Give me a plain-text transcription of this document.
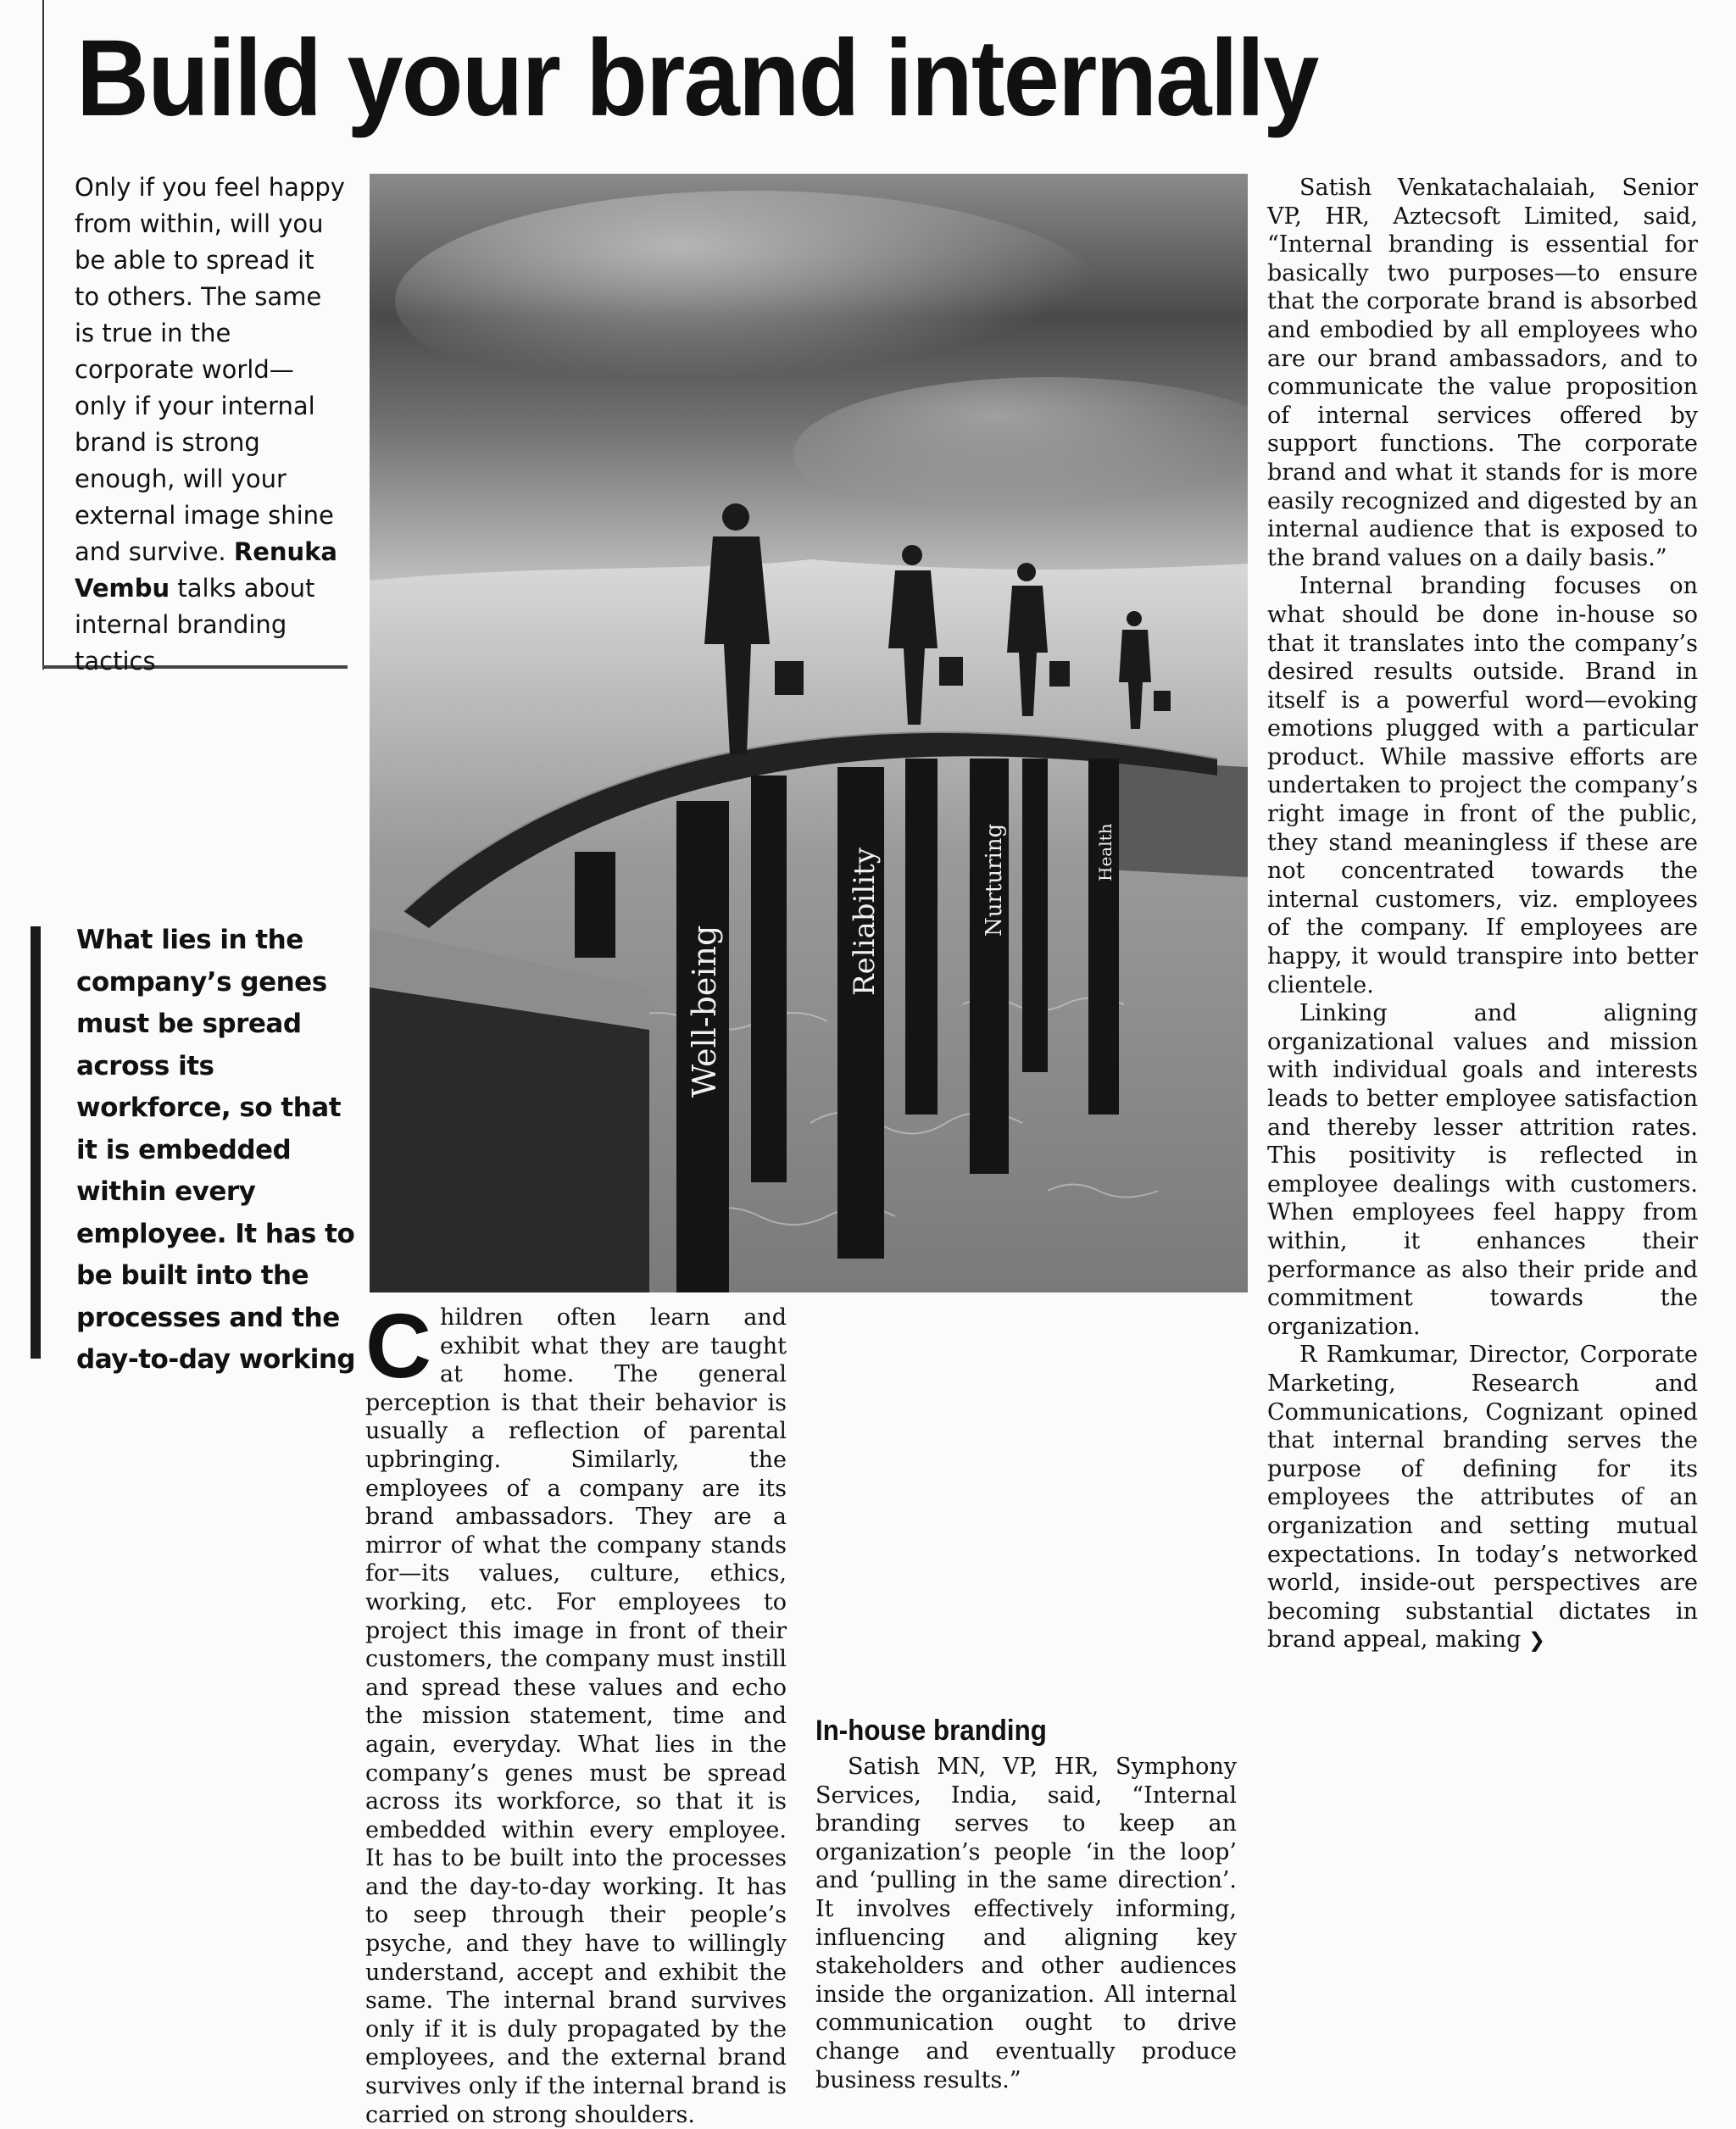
Build your brand internally

Only if you feel happy from within, will you be able to spread it to others. The same is true in the corporate world—only if your internal brand is strong enough, will your external image shine and survive. Renuka Vembu talks about internal branding tactics

What lies in the company’s genes must be spread across its workforce, so that it is embedded within every employee. It has to be built into the processes and the day-to-day working

Well-being
Reliability	Nurturing	Health

Children often learn and exhibit what they are taught at home. The general perception is that their behavior is usually a reflection of parental upbringing. Similarly, the employees of a company are its brand ambassadors. They are a mirror of what the company stands for—its values, culture, ethics, working, etc. For employees to project this image in front of their customers, the company must instill and spread these values and echo the mission statement, time and again, everyday. What lies in the company’s genes must be spread across its workforce, so that it is embedded within every employee. It has to be built into the processes and the day-to-day working. It has to seep through their people’s psyche, and they have to willingly understand, accept and exhibit the same. The internal brand survives only if it is duly propagated by the employees, and the external brand survives only if the internal brand is carried on strong shoulders.

In-house branding

Satish MN, VP, HR, Symphony Services, India, said, “Internal branding serves to keep an organization’s people ‘in the loop’ and ‘pulling in the same direction’. It involves effectively informing, influencing and aligning key stakeholders and other audiences inside the organization. All internal communication ought to drive change and eventually produce business results.”

Satish Venkatachalaiah, Senior VP, HR, Aztecsoft Limited, said, “Internal branding is essential for basically two purposes—to ensure that the corporate brand is absorbed and embodied by all employees who are our brand ambassadors, and to communicate the value proposition of internal services offered by support functions. The corporate brand and what it stands for is more easily recognized and digested by an internal audience that is exposed to the brand values on a daily basis.”

Internal branding focuses on what should be done in-house so that it translates into the company’s desired results outside. Brand in itself is a powerful word—evoking emotions plugged with a particular product. While massive efforts are undertaken to project the company’s right image in front of the public, they stand meaningless if these are not concentrated towards the internal customers, viz. employees of the company. If employees are happy, it would transpire into better clientele.

Linking and aligning organizational values and mission with individual goals and interests leads to better employee satisfaction and thereby lesser attrition rates. This positivity is reflected in employee dealings with customers. When employees feel happy from within, it enhances their performance as also their pride and commitment towards the organization.

R Ramkumar, Director, Corporate Marketing, Research and Communications, Cognizant opined that internal branding serves the purpose of defining for its employees the attributes of an organization and setting mutual expectations. In today’s networked world, inside-out perspectives are becoming substantial dictates in brand appeal, making ❯
